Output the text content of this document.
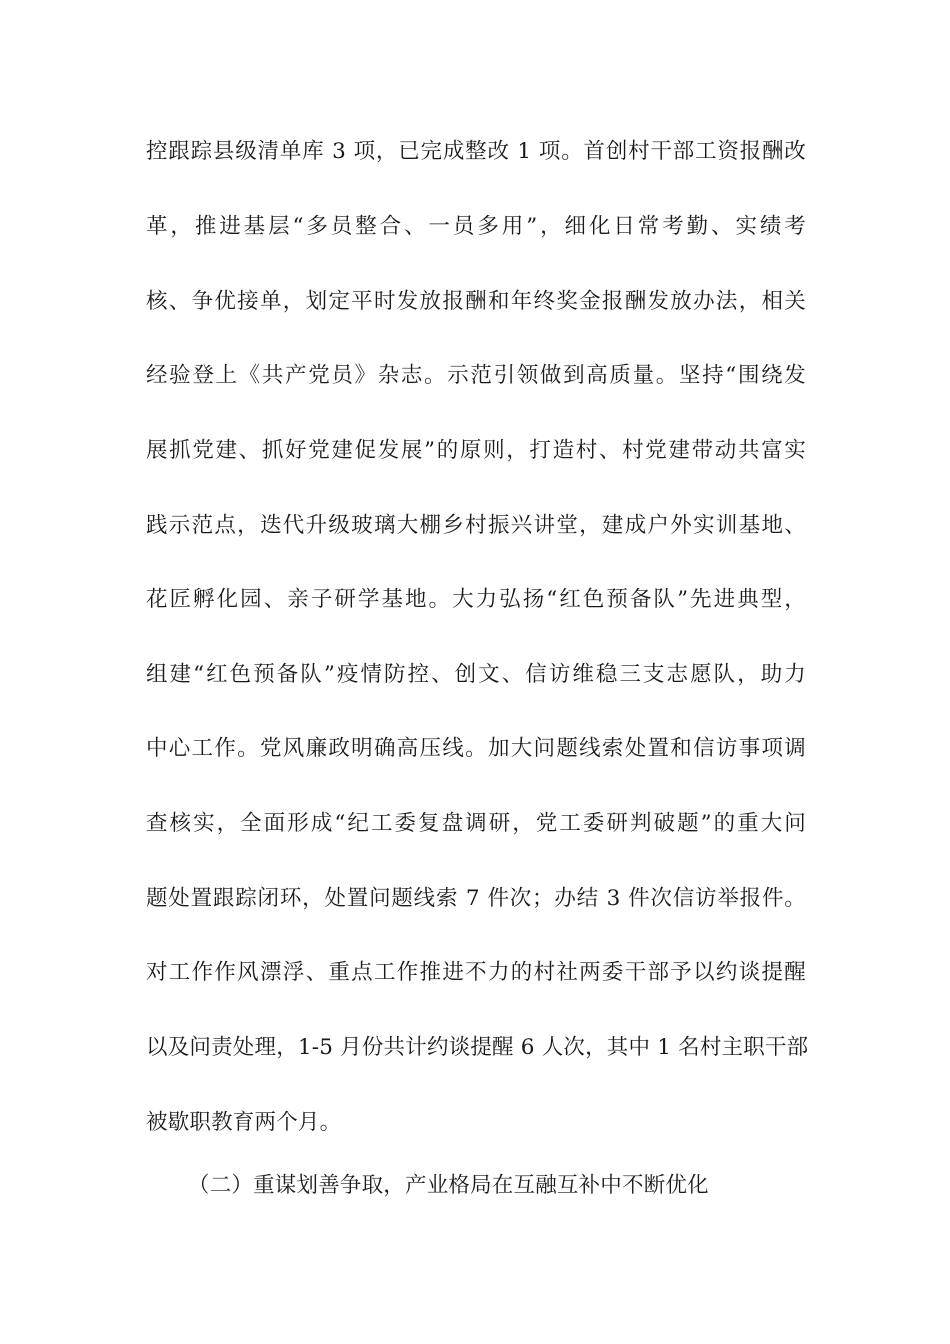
控跟踪县级清单库 3 项，已完成整改 1 项。首创村干部工资报酬改
革，推进基层“多员整合、一员多用”，细化日常考勤、实绩考
核、争优接单，划定平时发放报酬和年终奖金报酬发放办法，相关
经验登上《共产党员》杂志。示范引领做到高质量。坚持“围绕发
展抓党建、抓好党建促发展”的原则，打造村、村党建带动共富实
践示范点，迭代升级玻璃大棚乡村振兴讲堂，建成户外实训基地、
花匠孵化园、亲子研学基地。大力弘扬“红色预备队”先进典型，
组建“红色预备队”疫情防控、创文、信访维稳三支志愿队，助力
中心工作。党风廉政明确高压线。加大问题线索处置和信访事项调
查核实，全面形成“纪工委复盘调研，党工委研判破题”的重大问
题处置跟踪闭环，处置问题线索 7 件次；办结 3 件次信访举报件。
对工作作风漂浮、重点工作推进不力的村社两委干部予以约谈提醒
以及问责处理，1-5 月份共计约谈提醒 6 人次，其中 1 名村主职干部
被歇职教育两个月。
（二）重谋划善争取，产业格局在互融互补中不断优化
